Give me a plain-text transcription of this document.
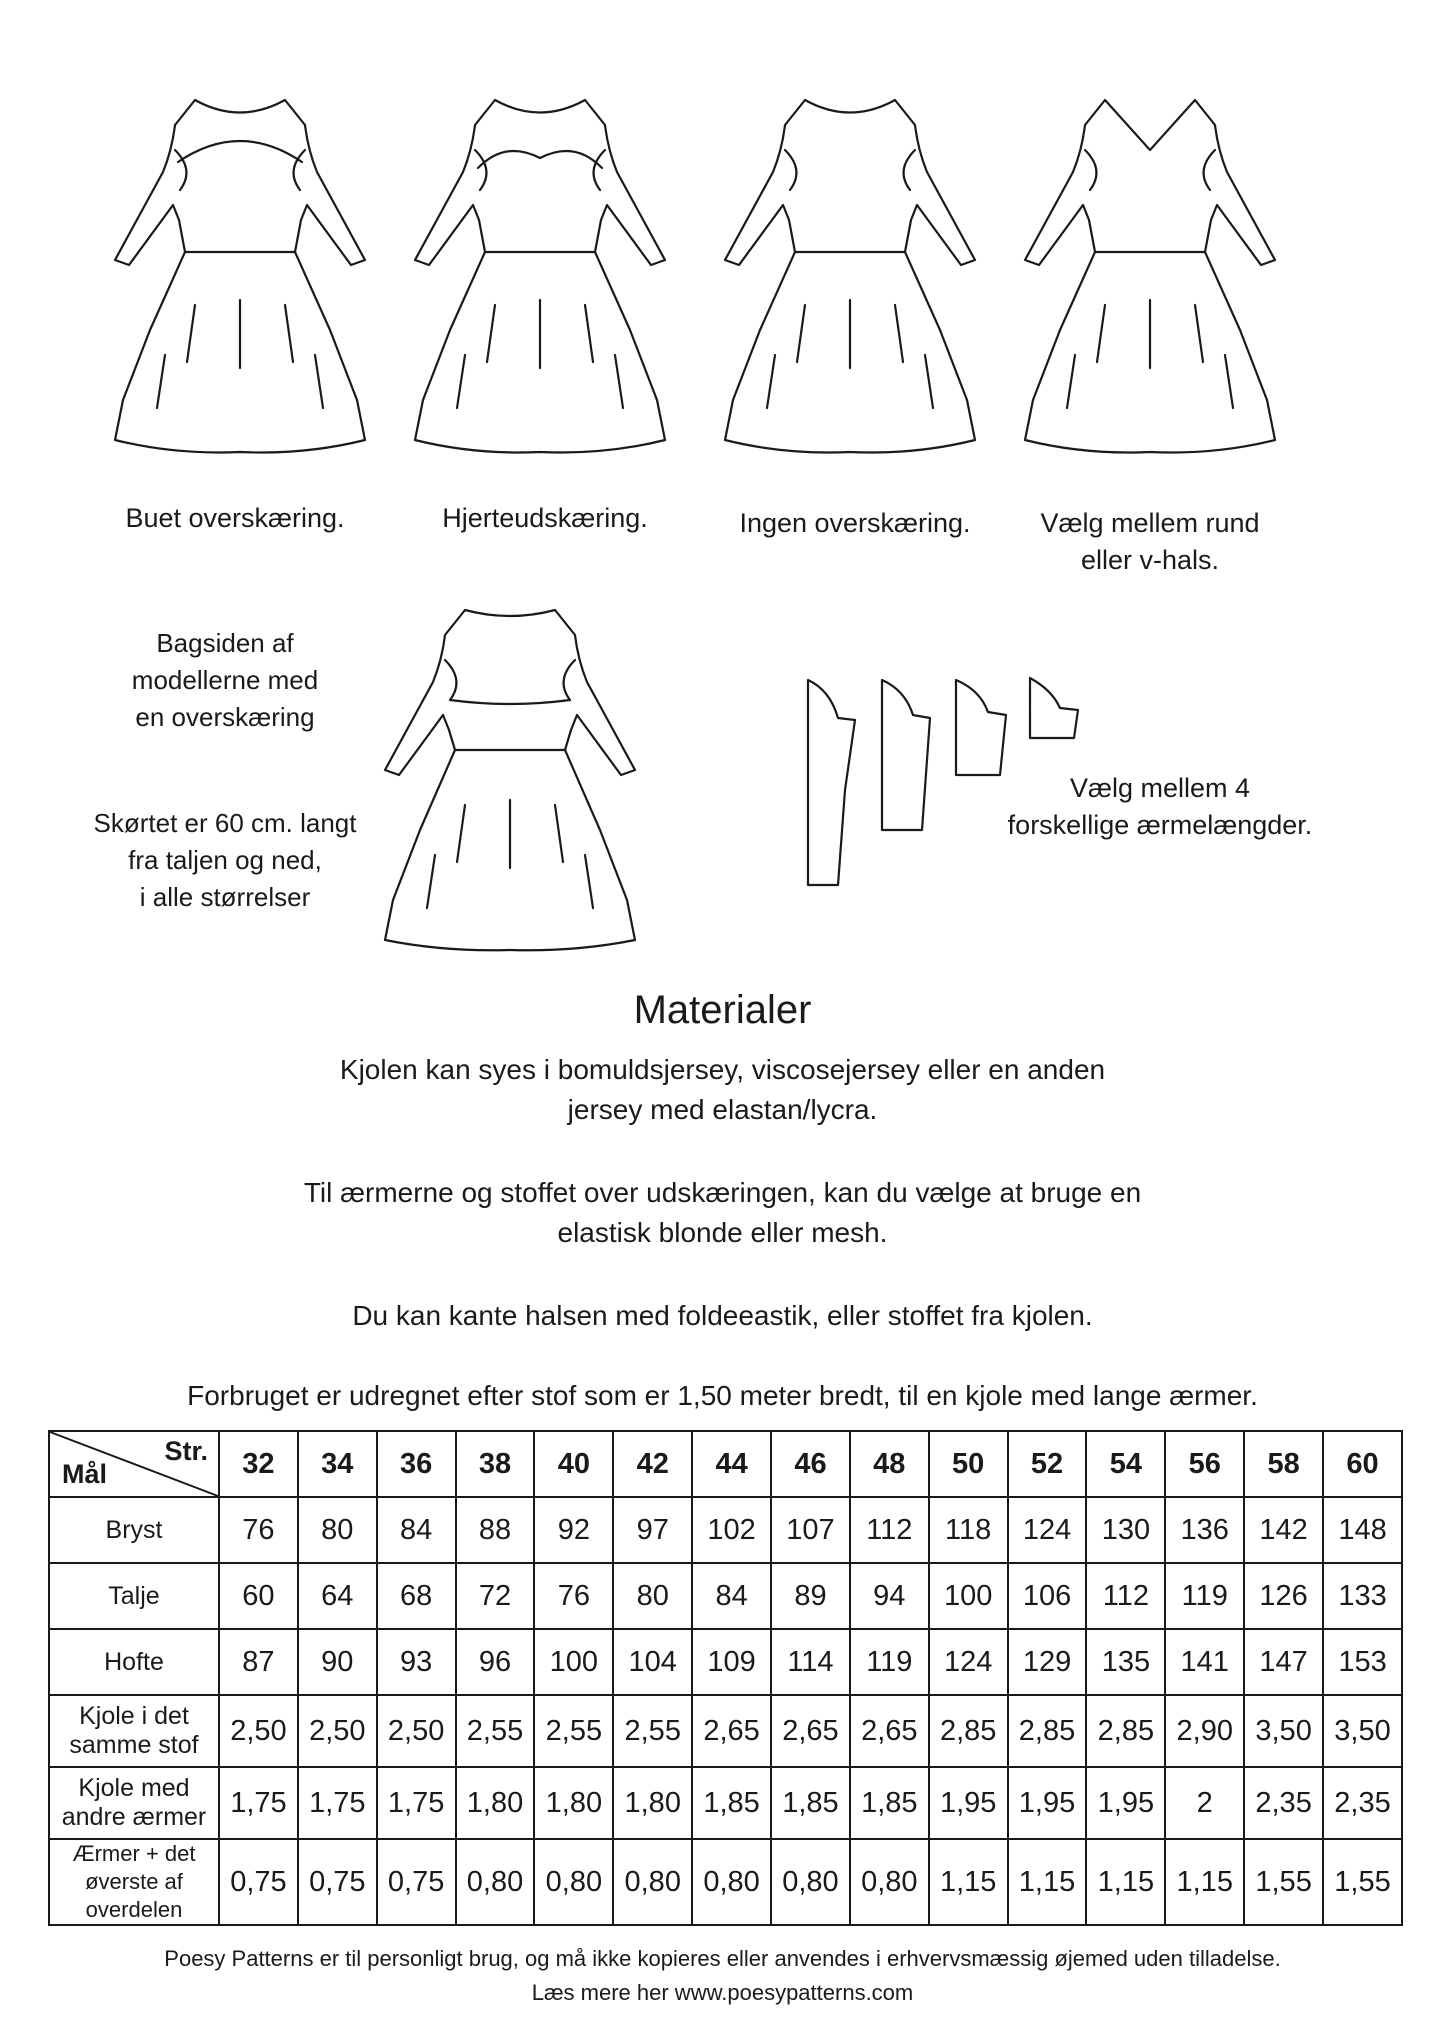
Buet overskæring.	Hjerteudskæring.	Ingen overskæring.	Vælg mellem rund
eller v-hals.
Bagsiden af
modellerne med
en overskæring
Skørtet er 60 cm. langt
fra taljen og ned,
i alle størrelser
Vælg mellem 4
forskellige ærmelængder.
Materialer
Kjolen kan syes i bomuldsjersey, viscosejersey eller en anden
jersey med elastan/lycra.
Til ærmerne og stoffet over udskæringen, kan du vælge at bruge en
elastisk blonde eller mesh.
Du kan kante halsen med foldeeastik, eller stoffet fra kjolen.
Forbruget er udregnet efter stof som er 1,50 meter bredt, til en kjole med lange ærmer.
Str.
Mål	32	34	36	38	40	42	44	46	48	50	52	54	56	58	60
Bryst	76	80	84	88	92	97	102	107	112	118	124	130	136	142	148
Talje	60	64	68	72	76	80	84	89	94	100	106	112	119	126	133
Hofte	87	90	93	96	100	104	109	114	119	124	129	135	141	147	153
Kjole i det
samme stof	2,50	2,50	2,50	2,55	2,55	2,55	2,65	2,65	2,65	2,85	2,85	2,85	2,90	3,50	3,50
Kjole med
andre ærmer	1,75	1,75	1,75	1,80	1,80	1,80	1,85	1,85	1,85	1,95	1,95	1,95	2	2,35	2,35
Ærmer + det
øverste af
overdelen	0,75	0,75	0,75	0,80	0,80	0,80	0,80	0,80	0,80	1,15	1,15	1,15	1,15	1,55	1,55
Poesy Patterns er til personligt brug, og må ikke kopieres eller anvendes i erhvervsmæssig øjemed uden tilladelse.
Læs mere her www.poesypatterns.com
